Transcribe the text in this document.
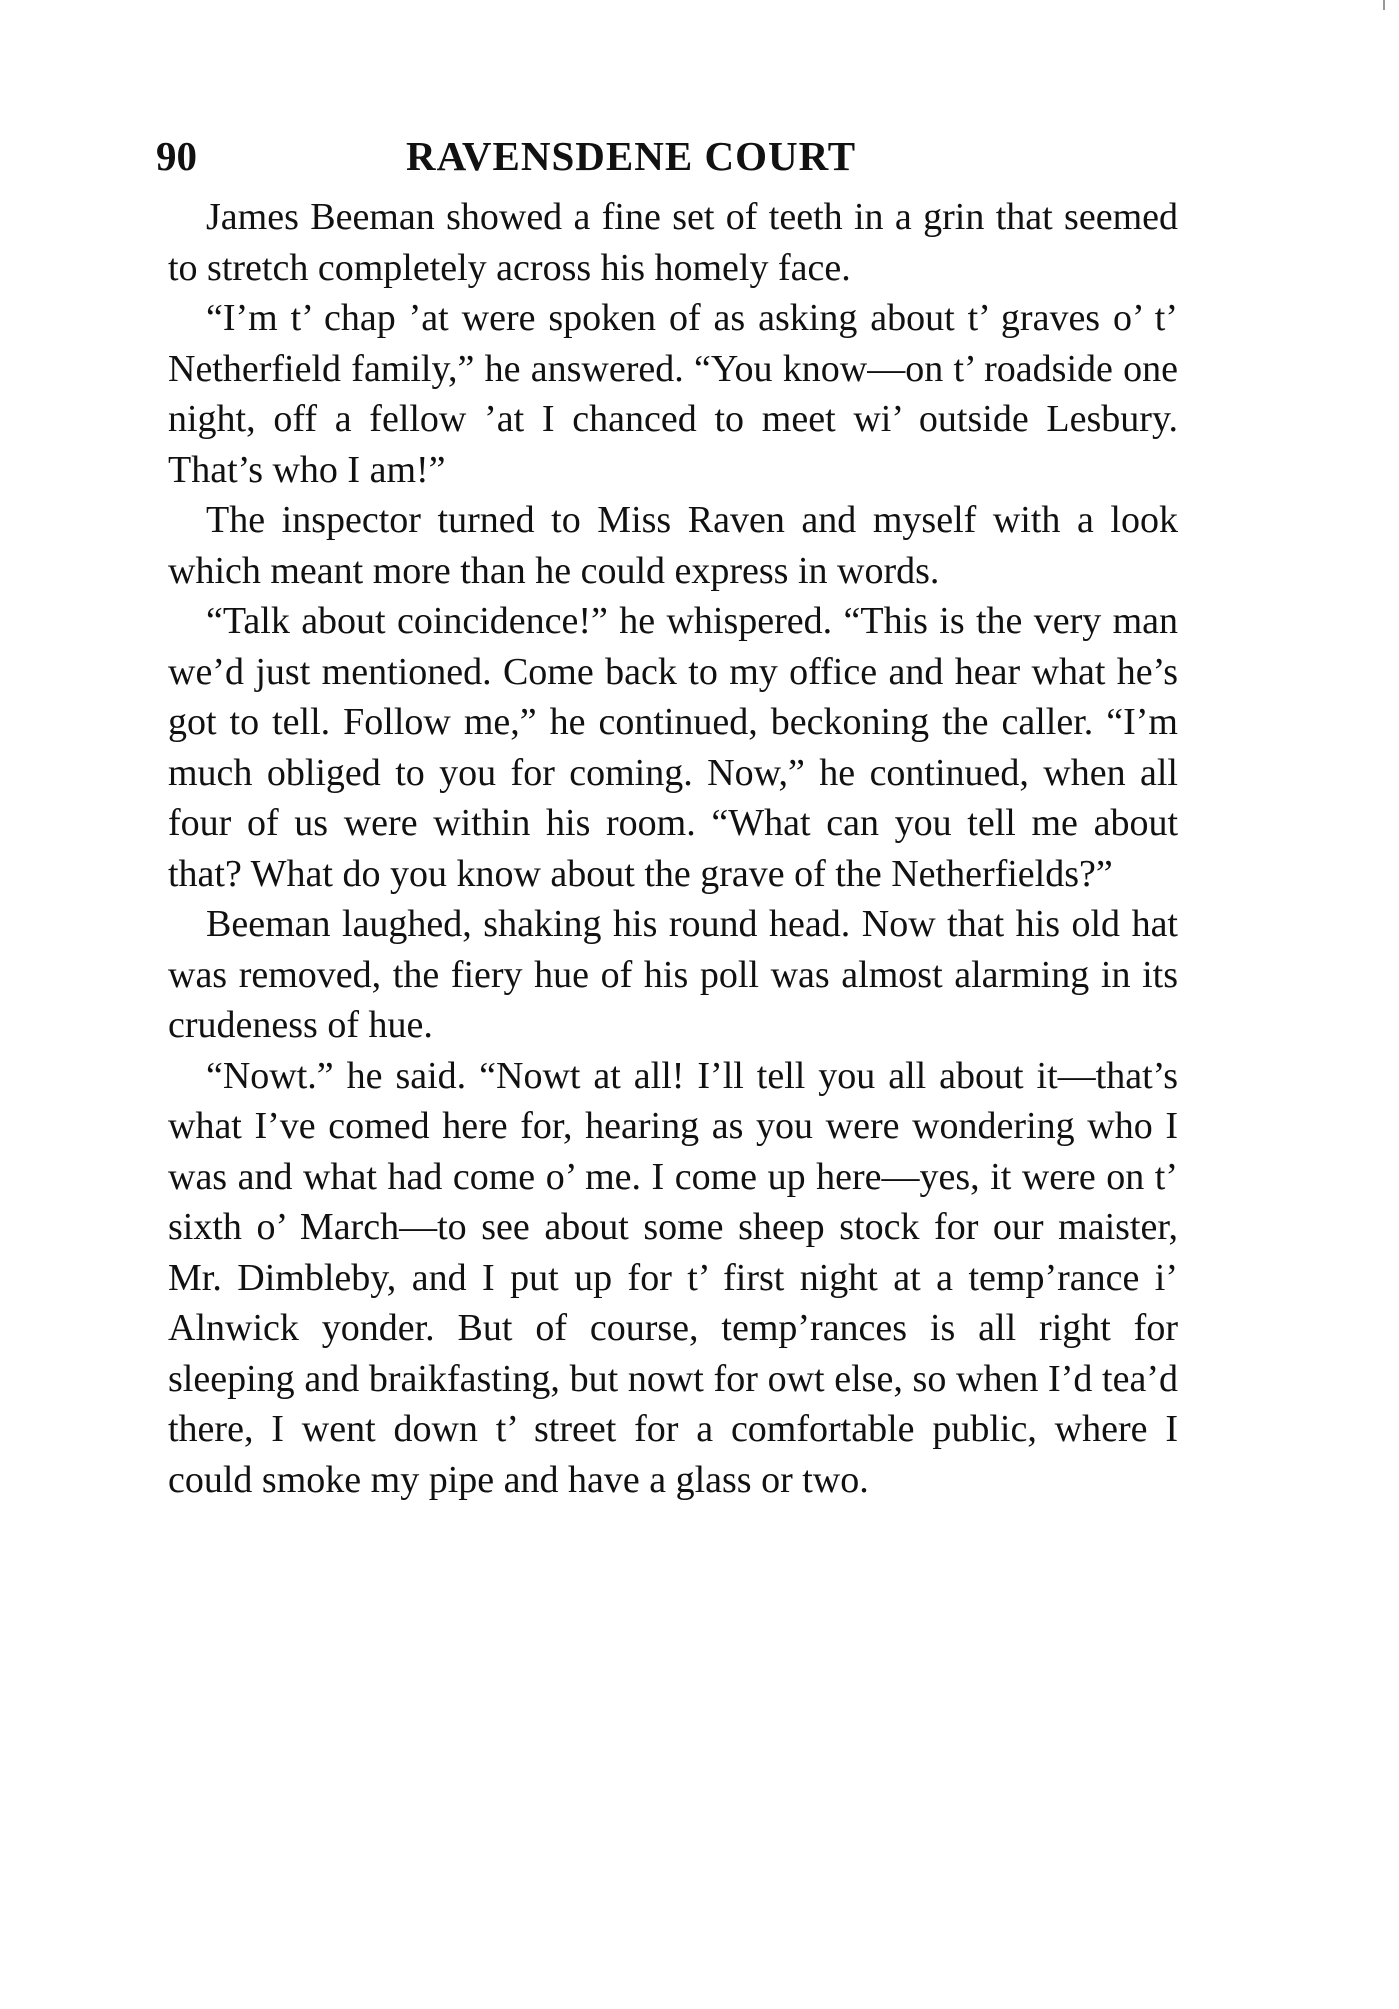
90	RAVENSDENE COURT

James Beeman showed a fine set of teeth in a grin that seemed to stretch completely across his homely face.

“I’m t’ chap ’at were spoken of as asking about t’ graves o’ t’ Netherfield family,” he answered. “You know—on t’ roadside one night, off a fellow ’at I chanced to meet wi’ outside Lesbury. That’s who I am!”

The inspector turned to Miss Raven and myself with a look which meant more than he could express in words.

“Talk about coincidence!” he whispered. “This is the very man we’d just mentioned. Come back to my office and hear what he’s got to tell. Follow me,” he continued, beckoning the caller. “I’m much obliged to you for coming. Now,” he continued, when all four of us were within his room. “What can you tell me about that? What do you know about the grave of the Netherfields?”

Beeman laughed, shaking his round head. Now that his old hat was removed, the fiery hue of his poll was almost alarming in its crudeness of hue.

“Nowt.” he said. “Nowt at all! I’ll tell you all about it—that’s what I’ve comed here for, hearing as you were wondering who I was and what had come o’ me. I come up here—yes, it were on t’ sixth o’ March—to see about some sheep stock for our maister, Mr. Dimbleby, and I put up for t’ first night at a temp’rance i’ Alnwick yonder. But of course, temp’rances is all right for sleeping and braikfasting, but nowt for owt else, so when I’d tea’d there, I went down t’ street for a comfortable public, where I could smoke my pipe and have a glass or two.
